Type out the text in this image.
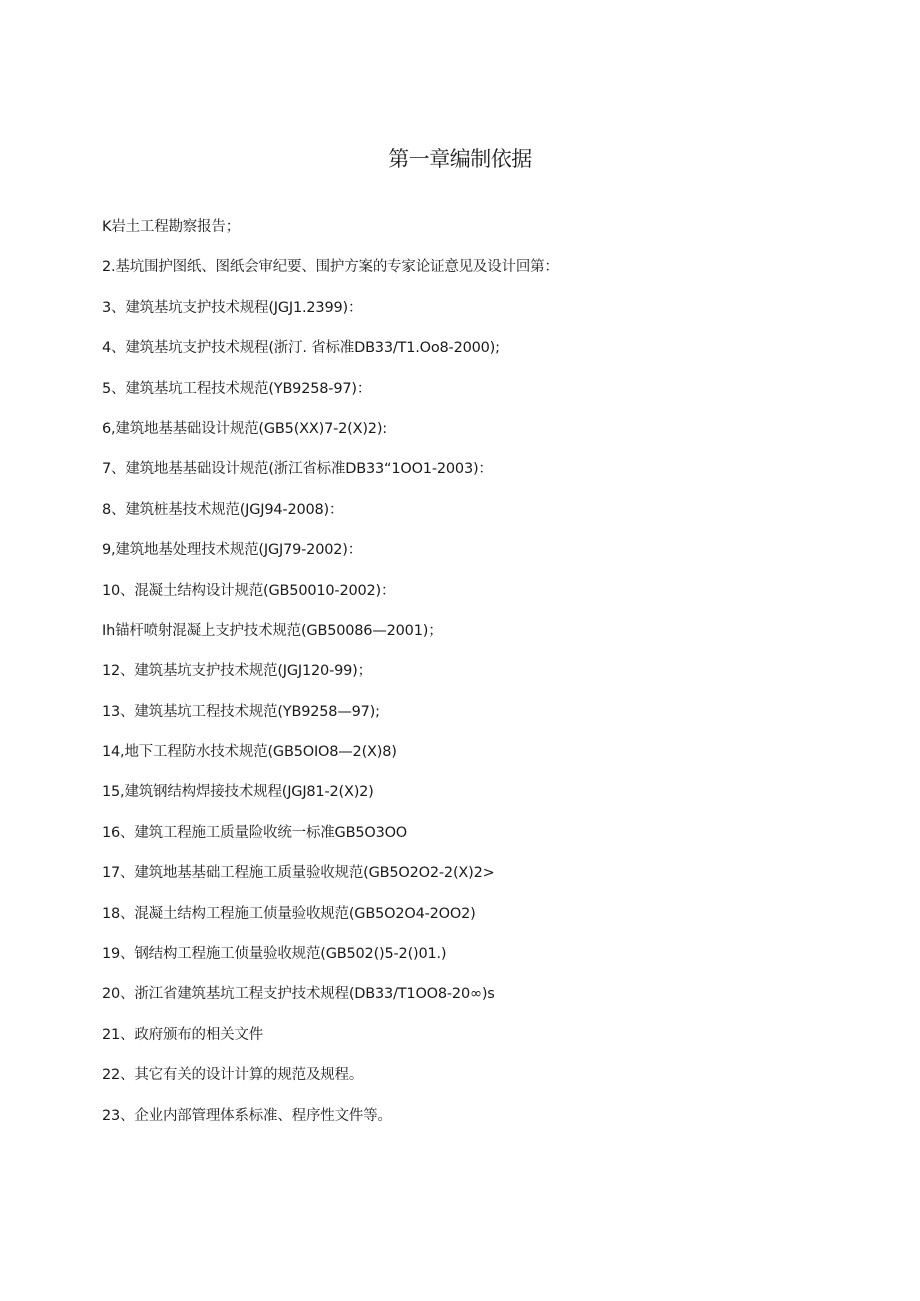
第一章编制依据
K岩土工程勘察报告；
2.基坑围护图纸、图纸会审纪要、围护方案的专家论证意见及设计回第：
3、建筑基坑支护技术规程(JGJ1.2399)：
4、建筑基坑支护技术规程(浙汀. 省标准DB33∕T1.Oo8-2000);
5、建筑基坑工程技术规范(YB9258-97)：
6,建筑地基基础设计规范(GB5(XX)7-2(X)2):
7、建筑地基基础设计规范(浙江省标准DB33“1OO1-2003)：
8、建筑桩基技术规范(JGJ94-2008)：
9,建筑地基处理技术规范(JGJ79-2002)：
10、混凝土结构设计规范(GB50010-2002)：
Ih锚杆喷射混凝上支护技术规范(GB50086—2001)；
12、建筑基坑支护技术规范(JGJ120-99)；
13、建筑基坑工程技术规范(YB9258—97);
14,地下工程防水技术规范(GB5OIO8—2(X)8)
15,建筑钢结构焊接技术规程(JGJ81-2(X)2)
16、建筑工程施工质量险收统一标准GB5O3OO
17、建筑地基基础工程施工质量验收规范(GB5O2O2-2(X)2>
18、混凝土结构工程施工侦量验收规范(GB5O2O4-2OO2)
19、钢结构工程施工侦量验收规范(GB502()5-2()01.)
20、浙江省建筑基坑工程支护技术规程(DB33∕T1OO8-20∞)s
21、政府颁布的相关文件
22、其它有关的设计计算的规范及规程。
23、企业内部管理体系标准、程序性文件等。
